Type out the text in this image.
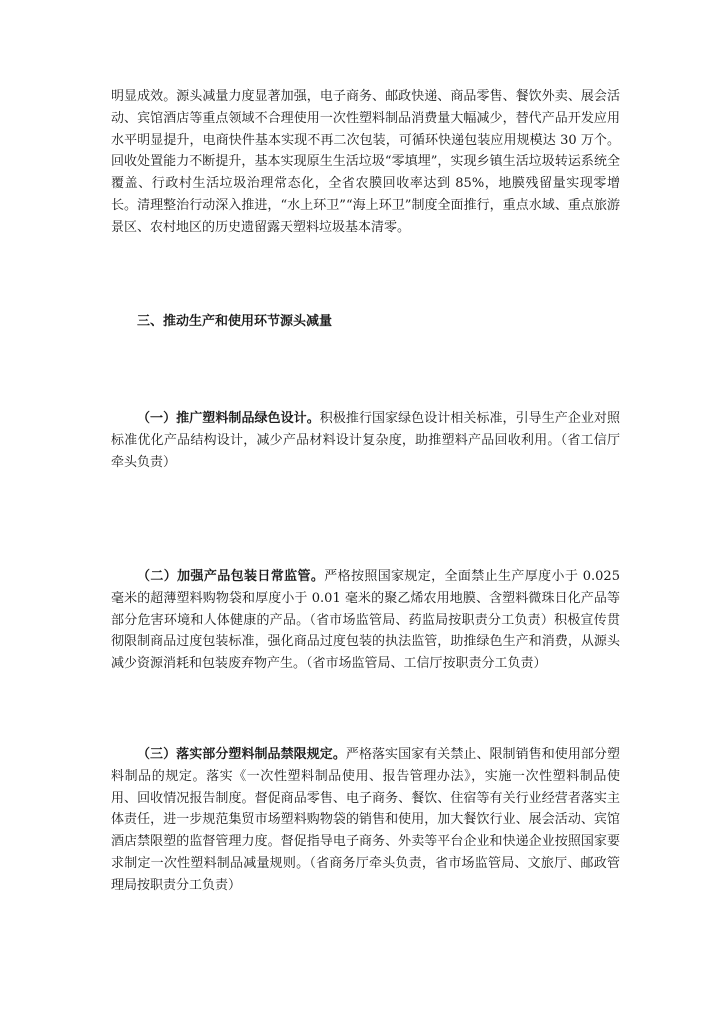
明显成效。源头减量力度显著加强，电子商务、邮政快递、商品零售、餐饮外卖、展会活动、宾馆酒店等重点领域不合理使用一次性塑料制品消费量大幅减少，替代产品开发应用水平明显提升，电商快件基本实现不再二次包装，可循环快递包装应用规模达 30 万个。回收处置能力不断提升，基本实现原生生活垃圾“零填埋”，实现乡镇生活垃圾转运系统全覆盖、行政村生活垃圾治理常态化，全省农膜回收率达到 85%，地膜残留量实现零增长。清理整治行动深入推进，“水上环卫”“海上环卫”制度全面推行，重点水域、重点旅游景区、农村地区的历史遗留露天塑料垃圾基本清零。
三、推动生产和使用环节源头减量
（一）推广塑料制品绿色设计。积极推行国家绿色设计相关标准，引导生产企业对照标准优化产品结构设计，减少产品材料设计复杂度，助推塑料产品回收利用。（省工信厅牵头负责）
（二）加强产品包装日常监管。严格按照国家规定，全面禁止生产厚度小于 0.025 毫米的超薄塑料购物袋和厚度小于 0.01 毫米的聚乙烯农用地膜、含塑料微珠日化产品等部分危害环境和人体健康的产品。（省市场监管局、药监局按职责分工负责）积极宣传贯彻限制商品过度包装标准，强化商品过度包装的执法监管，助推绿色生产和消费，从源头减少资源消耗和包装废弃物产生。（省市场监管局、工信厅按职责分工负责）
（三）落实部分塑料制品禁限规定。严格落实国家有关禁止、限制销售和使用部分塑料制品的规定。落实《一次性塑料制品使用、报告管理办法》，实施一次性塑料制品使用、回收情况报告制度。督促商品零售、电子商务、餐饮、住宿等有关行业经营者落实主体责任，进一步规范集贸市场塑料购物袋的销售和使用，加大餐饮行业、展会活动、宾馆酒店禁限塑的监督管理力度。督促指导电子商务、外卖等平台企业和快递企业按照国家要求制定一次性塑料制品减量规则。（省商务厅牵头负责，省市场监管局、文旅厅、邮政管理局按职责分工负责）
